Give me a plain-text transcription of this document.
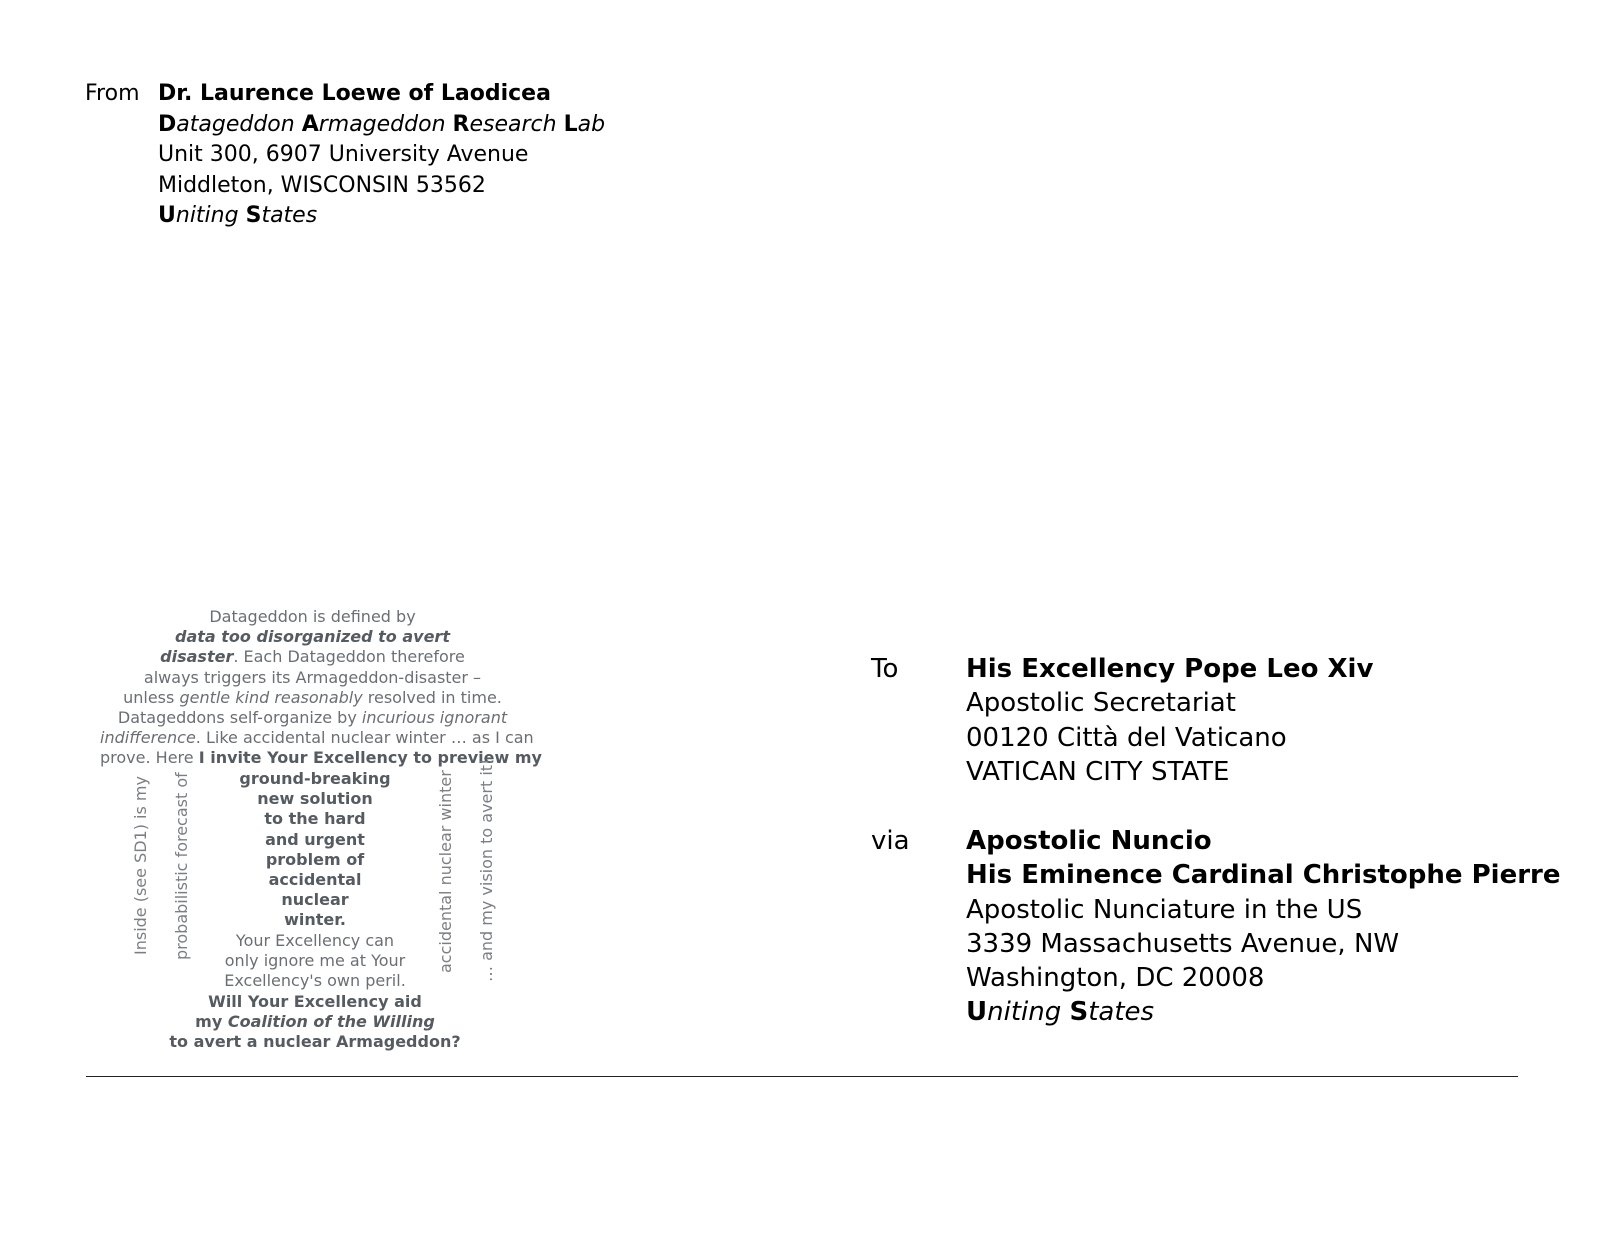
From Dr. Laurence Loewe of Laodicea
Datageddon Armageddon Research Lab
Unit 300, 6907 University Avenue
Middleton, WISCONSIN 53562
Uniting States
Datageddon is defined by
data too disorganized to avert
disaster. Each Datageddon therefore
always triggers its Armageddon-disaster –
unless gentle kind reasonably resolved in time.
Datageddons self-organize by incurious ignorant
indifference. Like accidental nuclear winter … as I can
prove. Here I invite Your Excellency to preview my
ground-breaking
new solution
to the hard
and urgent
problem of
accidental
nuclear
winter.
Your Excellency can
only ignore me at Your
Excellency's own peril.
Will Your Excellency aid
my Coalition of the Willing
to avert a nuclear Armageddon?
Inside (see SD1) is my probabilistic forecast of	accidental nuclear winter … and my vision to avert it!
To	His Excellency Pope Leo Xiv
Apostolic Secretariat
00120 Città del Vaticano
VATICAN CITY STATE
via Apostolic Nuncio
His Eminence Cardinal Christophe Pierre
Apostolic Nunciature in the US
3339 Massachusetts Avenue, NW
Washington, DC 20008
Uniting States
